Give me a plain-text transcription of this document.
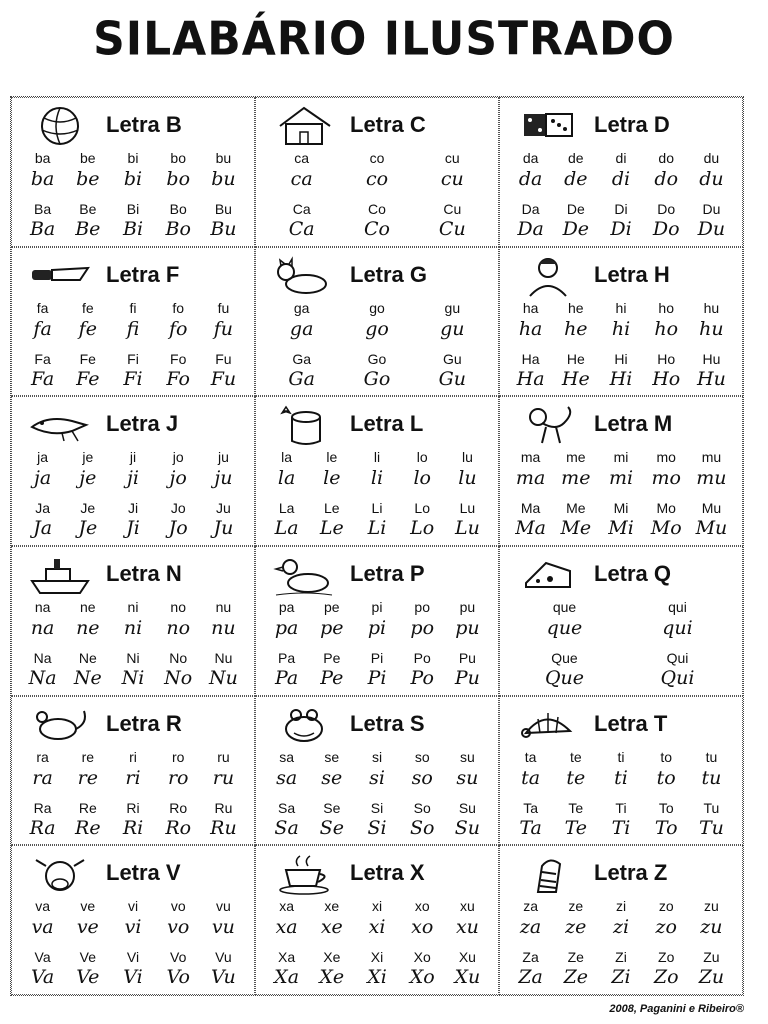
SILABÁRIO ILUSTRADO
Letra B
ba	be	bi	bo	bu
ba	be	bi	bo	bu
Ba	Be	Bi	Bo	Bu
Ba	Be	Bi	Bo	Bu
Letra C
ca	co	cu
ca	co	cu
Ca	Co	Cu
Ca	Co	Cu
Letra D
da	de	di	do	du
da	de	di	do	du
Da	De	Di	Do	Du
Da De	Di	Do Du
Letra F
fa	fe	fi	fo	fu
fa	fe	fi	fo	fu
Fa	Fe	Fi	Fo	Fu
Fa	Fe	Fi	Fo	Fu
Letra G
ga	go	gu
ga	go	gu
Ga	Go	Gu
Ga	Go	Gu
Letra H
ha	he	hi	ho	hu
ha	he	hi	ho	hu
Ha	He	Hi	Ho	Hu
Ha He	Hi	Ho Hu
Letra J
ja	je	ji	jo	ju
ja	je	ji	jo	ju
Ja	Je	Ji	Jo	Ju
Ja	Je	Ji	Jo	Ju
Letra L
la	le	li	lo	lu
la	le	li	lo	lu
La	Le	Li	Lo	Lu
La	Le	Li	Lo	Lu
Letra M
ma	me	mi	mo	mu
ma me mi mo mu
Ma	Me	Mi	Mo	Mu
Ma Me Mi Mo Mu
Letra N
na	ne	ni	no	nu
na	ne	ni	no	nu
Na	Ne	Ni	No	Nu
Na Ne	Ni	No Nu
Letra P
pa	pe	pi	po	pu
pa	pe	pi	po	pu
Pa	Pe	Pi	Po	Pu
Pa	Pe	Pi	Po	Pu
Letra Q
que	qui
que	qui
Que	Qui
Que	Qui
Letra R
ra	re	ri	ro	ru
ra	re	ri	ro	ru
Ra	Re	Ri	Ro	Ru
Ra	Re	Ri	Ro	Ru
Letra S
sa	se	si	so	su
sa	se	si	so	su
Sa	Se	Si	So	Su
Sa	Se	Si	So	Su
Letra T
ta	te	ti	to	tu
ta	te	ti	to	tu
Ta	Te	Ti	To	Tu
Ta	Te	Ti	To	Tu
Letra V
va	ve	vi	vo	vu
va	ve	vi	vo	vu
Va	Ve	Vi	Vo	Vu
Va	Ve	Vi	Vo	Vu
Letra X
xa	xe	xi	xo	xu
xa	xe	xi	xo	xu
Xa	Xe	Xi	Xo	Xu
Xa	Xe	Xi	Xo	Xu
Letra Z
za	ze	zi	zo	zu
za	ze	zi	zo	zu
Za	Ze	Zi	Zo	Zu
Za	Ze	Zi	Zo	Zu
2008, Paganini e Ribeiro®
